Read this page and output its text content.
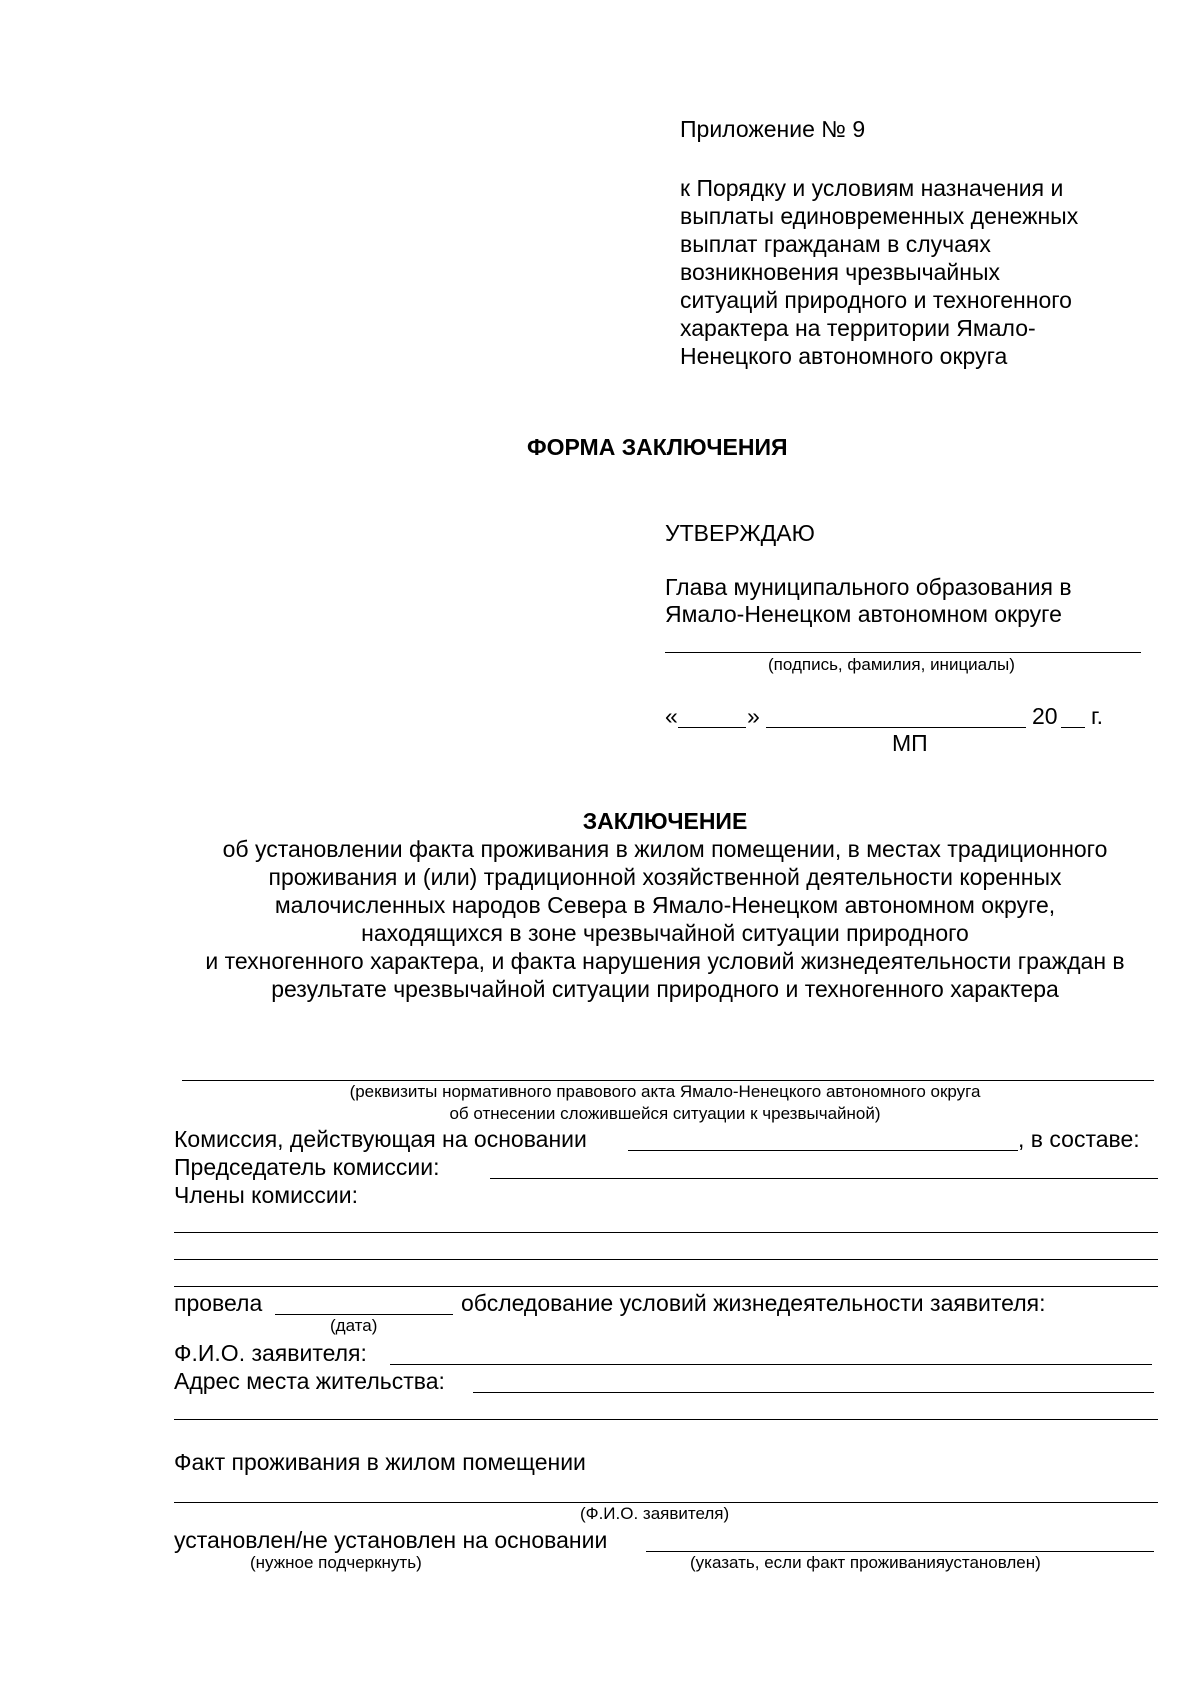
Приложение № 9
к Порядку и условиям назначения и
выплаты единовременных денежных
выплат гражданам в случаях
возникновения чрезвычайных
ситуаций природного и техногенного
характера на территории Ямало-
Ненецкого автономного округа
ФОРМА ЗАКЛЮЧЕНИЯ
УТВЕРЖДАЮ
Глава муниципального образования в
Ямало-Ненецком автономном округе
(подпись, фамилия, инициалы)
«	»	20 г.
МП
ЗАКЛЮЧЕНИЕ
об установлении факта проживания в жилом помещении, в местах традиционного
проживания и (или) традиционной хозяйственной деятельности коренных
малочисленных народов Севера в Ямало-Ненецком автономном округе,
находящихся в зоне чрезвычайной ситуации природного
и техногенного характера, и факта нарушения условий жизнедеятельности граждан в
результате чрезвычайной ситуации природного и техногенного характера
(реквизиты нормативного правового акта Ямало-Ненецкого автономного округа
об отнесении сложившейся ситуации к чрезвычайной)
Комиссия, действующая на основании	, в составе:
Председатель комиссии:
Члены комиссии:
провела	обследование условий жизнедеятельности заявителя:
(дата)
Ф.И.О. заявителя:
Адрес места жительства:
Факт проживания в жилом помещении
(Ф.И.О. заявителя)
установлен/не установлен на основании
(нужное подчеркнуть)	(указать, если факт проживанияустановлен)
